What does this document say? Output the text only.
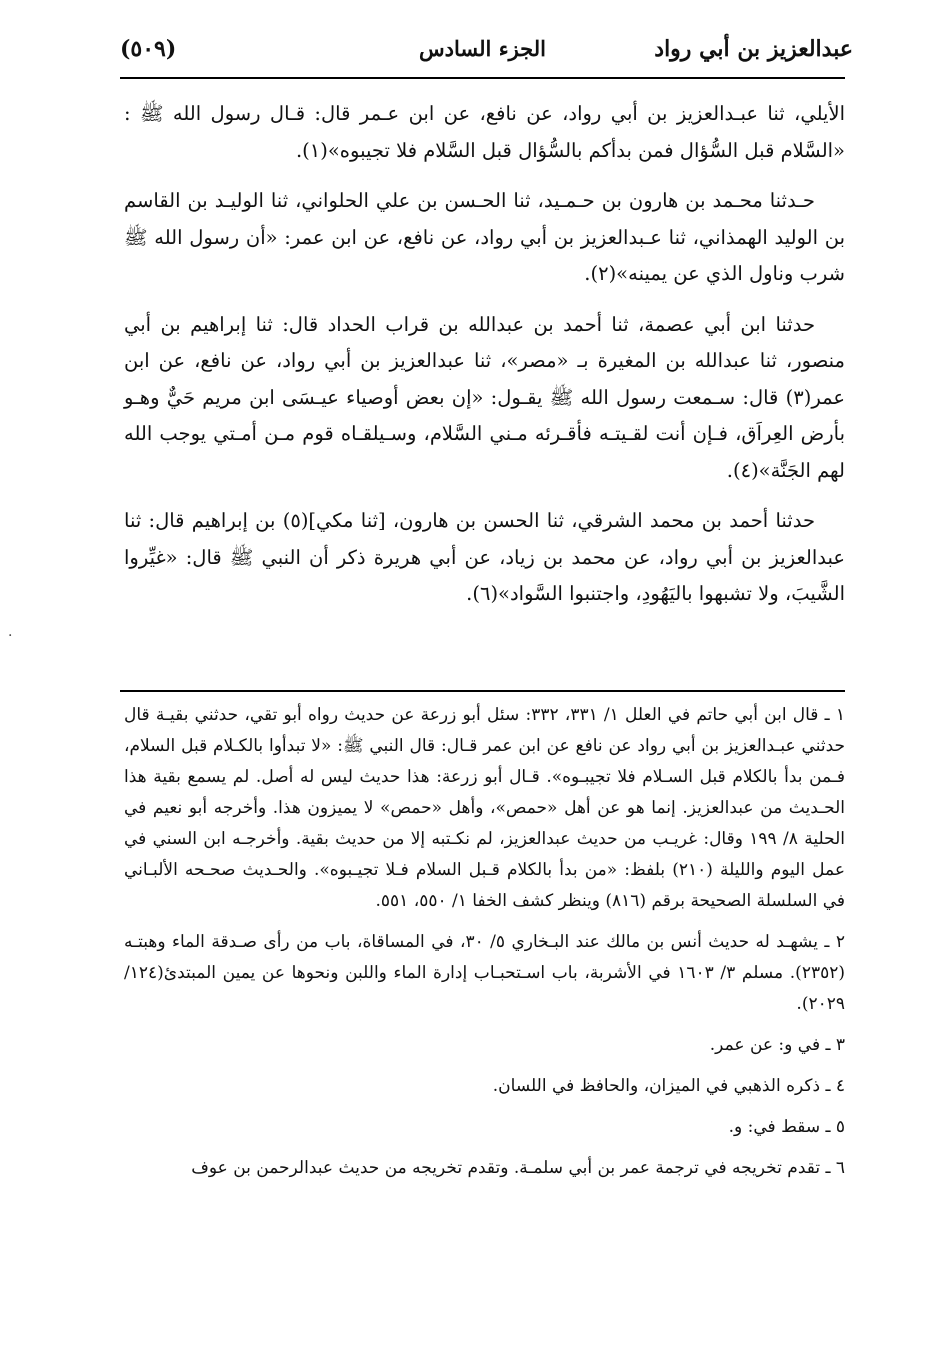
عبدالعزيز بن أبي رواد
الجزء السادس
(٥٠٩)

الأيلي، ثنا عبـدالعزيز بن أبي رواد، عن نافع، عن ابن عـمر قال: قـال رسول الله ﷺ : «السَّلام قبل السُّؤال فمن بدأكم بالسُّؤال قبل السَّلام فلا تجيبوه»(١).

حـدثنا محـمد بن هارون بن حـمـيد، ثنا الحـسن بن علي الحلواني، ثنا الوليـد بن القاسم بن الوليد الهمذاني، ثنا عـبدالعزيز بن أبي رواد، عن نافع، عن ابن عمر: «أن رسول الله ﷺ شرب وناول الذي عن يمينه»(٢).

حدثنا ابن أبي عصمة، ثنا أحمد بن عبدالله بن قراب الحداد قال: ثنا إبراهيم بن أبي منصور، ثنا عبدالله بن المغيرة بـ «مصر»، ثنا عبدالعزيز بن أبي رواد، عن نافع، عن ابن عمر(٣) قال: سـمعت رسول الله ﷺ يقـول: «إن بعض أوصياء عيـسَى ابن مريم حَيٌّ وهـو بأرض العِراَق، فـإن أنت لقـيتـه فأقـرئه مـني السَّلام، وسـيلقـاه قوم مـن أمـتي يوجب الله لهم الجَنَّة»(٤).

حدثنا أحمد بن محمد الشرقي، ثنا الحسن بن هارون، [ثنا مكي](٥) بن إبراهيم قال: ثنا عبدالعزيز بن أبي رواد، عن محمد بن زياد، عن أبي هريرة ذكر أن النبي ﷺ قال: «غيِّروا الشَّيبَ، ولا تشبهوا باليَهُودِ، واجتنبوا السَّواد»(٦).

١ ـ قال ابن أبي حاتم في العلل ١/ ٣٣١، ٣٣٢: سئل أبو زرعة عن حديث رواه أبو تقي، حدثني بقيـة قال حدثني عبـدالعزيز بن أبي رواد عن نافع عن ابن عمر قـال: قال النبي ﷺ: «لا تبدأوا بالكـلام قبل السلام، فـمن بدأ بالكلام قبل السـلام فلا تجيبـوه». قـال أبو زرعة: هذا حديث ليس له أصل. لم يسمع بقية هذا الحـديث من عبدالعزيز. إنما هو عن أهل «حمص»، وأهل «حمص» لا يميزون هذا. وأخرجه أبو نعيم في الحلية ٨/ ١٩٩ وقال: غريـب من حديث عبدالعزيز، لم نكـتبه إلا من حديث بقية. وأخرجـه ابن السني في عمل اليوم والليلة (٢١٠) بلفظ: «من بدأ بالكلام قـبل السلام فـلا تجيـبوه». والحـديث صحـحه الألبـاني في السلسلة الصحيحة برقم (٨١٦) وينظر كشف الخفا ١/ ٥٥٠، ٥٥١.

٢ ـ يشهـد له حديث أنس بن مالك عند البـخاري ٥/ ٣٠، في المساقاة، باب من رأى صـدقة الماء وهبتـه (٢٣٥٢). مسلم ٣/ ١٦٠٣ في الأشربة، باب اسـتحبـاب إدارة الماء واللبن ونحوها عن يمين المبتدئ(١٢٤/ ٢٠٢٩).

٣ ـ في و: عن عمر.

٤ ـ ذكره الذهبي في الميزان، والحافظ في اللسان.

٥ ـ سقط في: و.

٦ ـ تقدم تخريجه في ترجمة عمر بن أبي سلمـة. وتقدم تخريجه من حديث عبدالرحمن بن عوف

·
